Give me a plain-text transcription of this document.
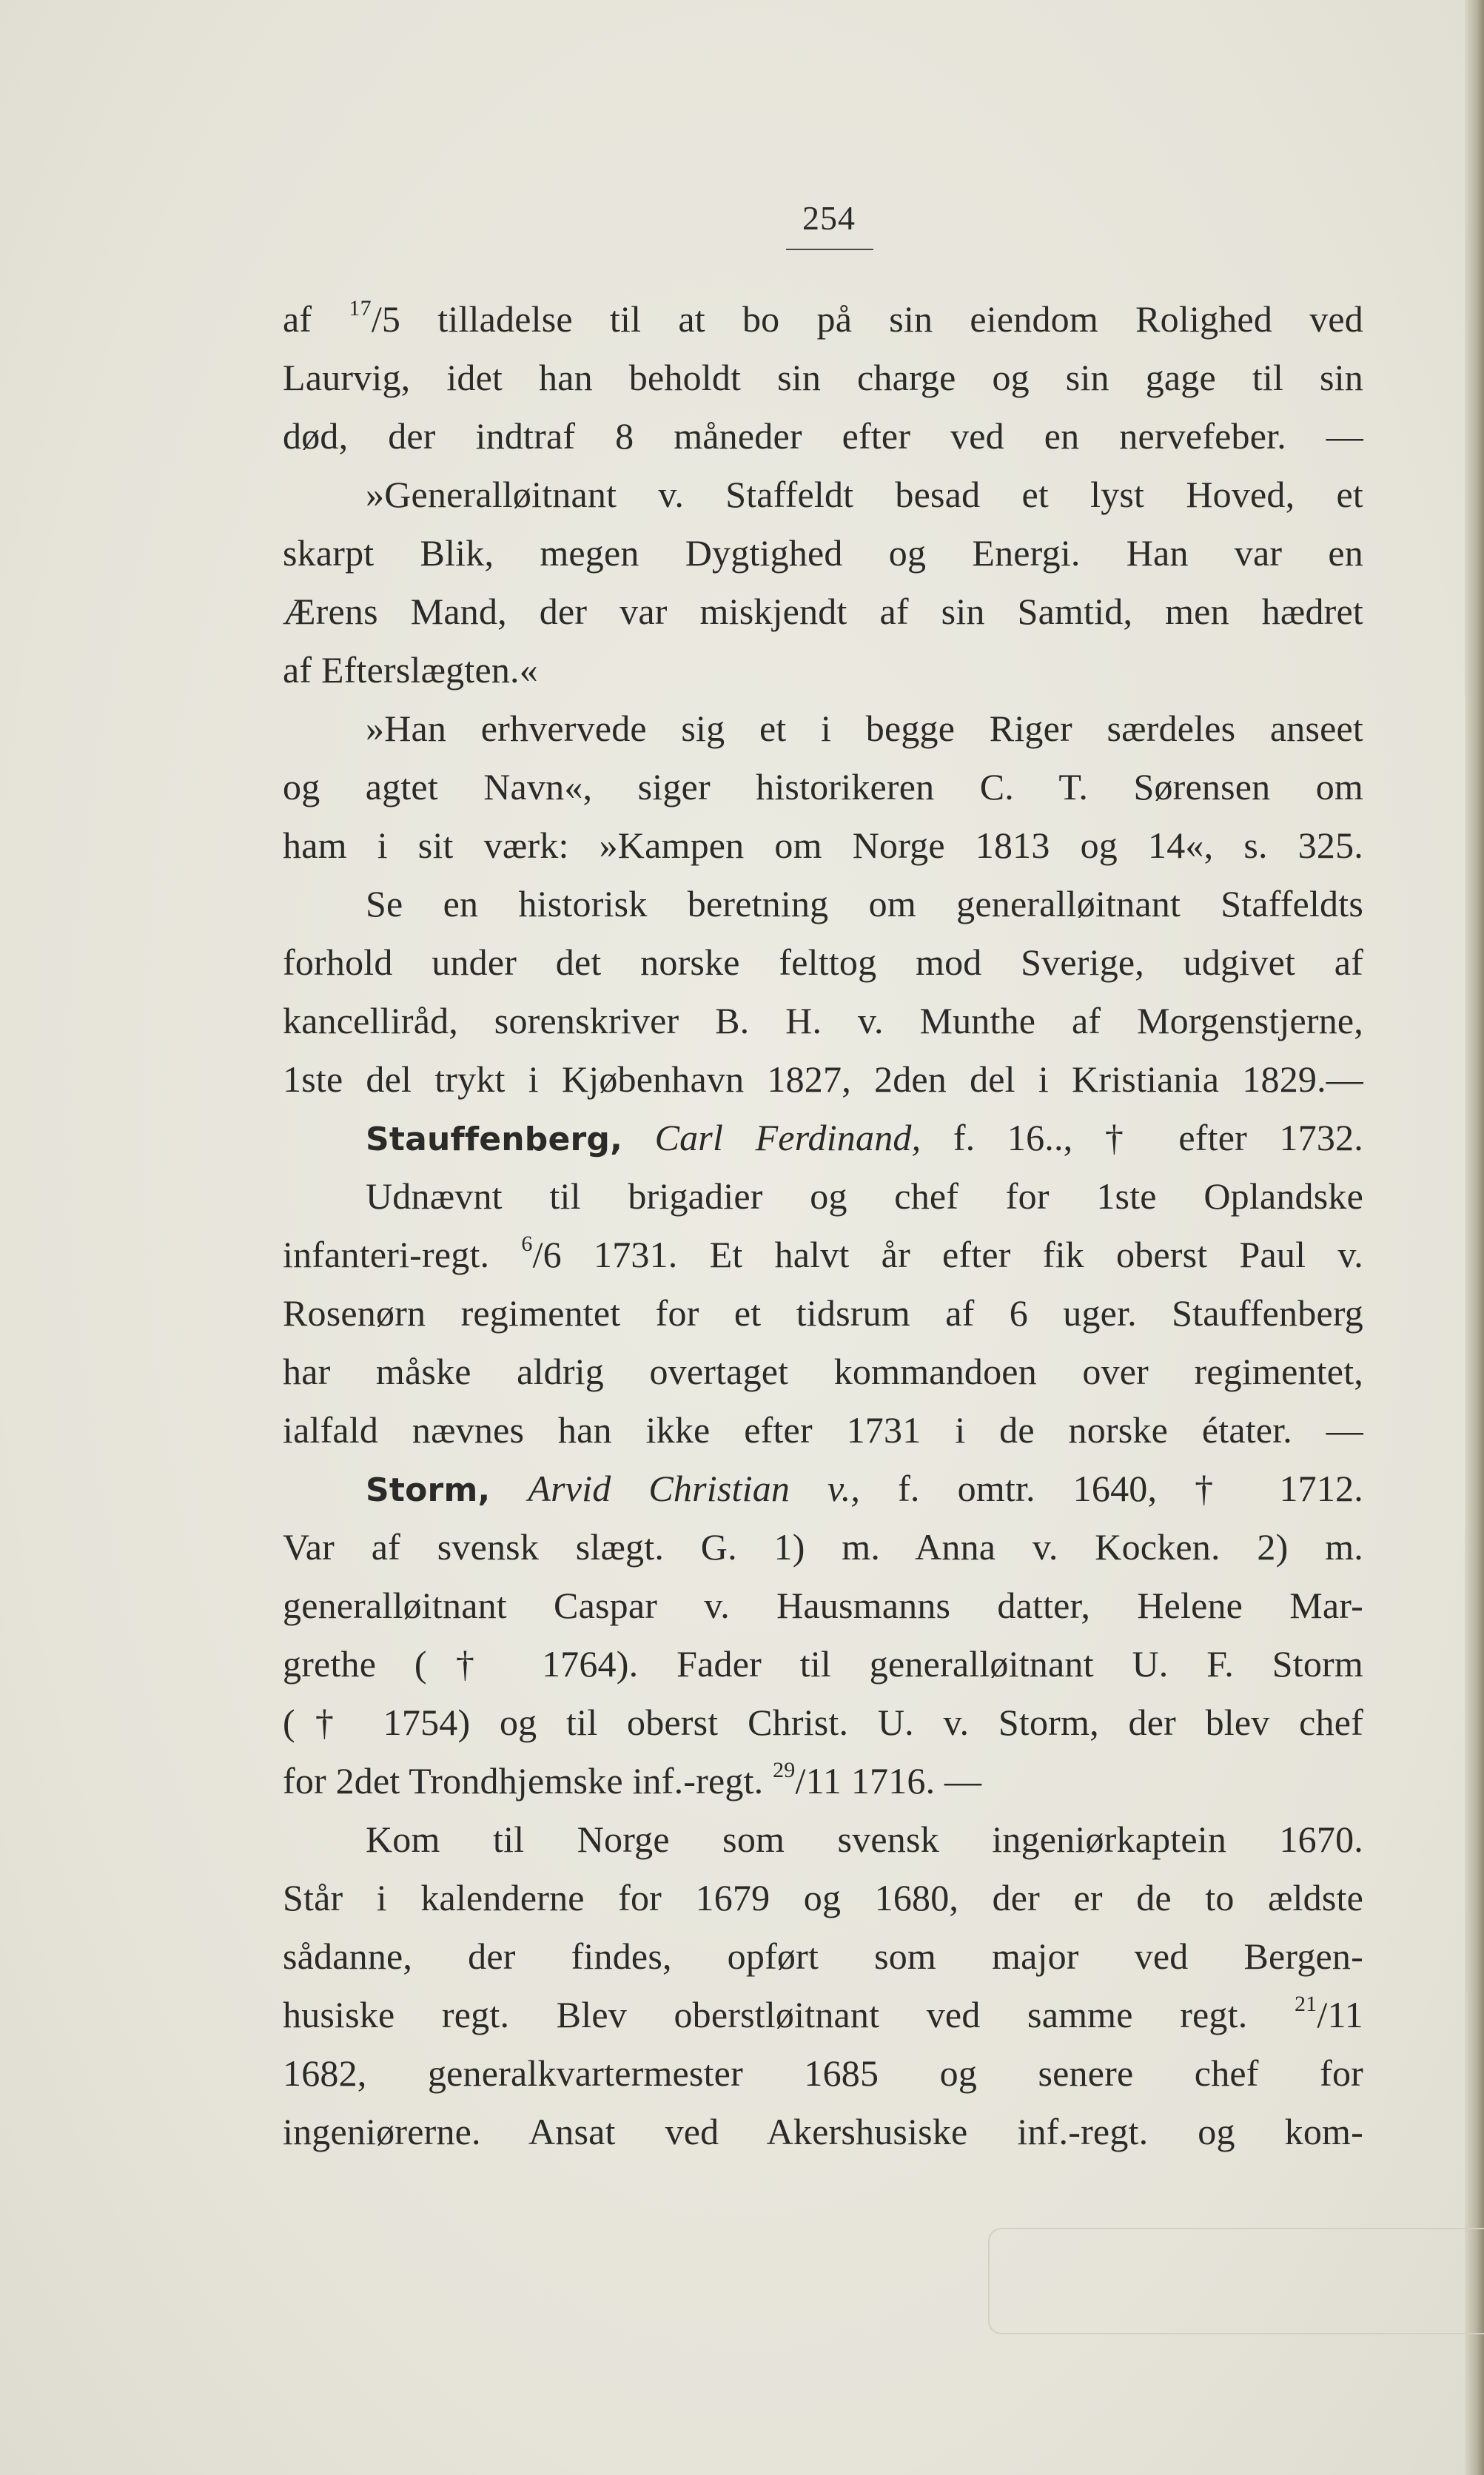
254
af $^{17}$/5 tilladelse til at bo på sin eiendom Rolighed ved
Laurvig, idet han beholdt sin charge og sin gage til sin
død, der indtraf 8 måneder efter ved en nervefeber. —
»Generalløitnant v. Staffeldt besad et lyst Hoved, et
skarpt Blik, megen Dygtighed og Energi. Han var en
Ærens Mand, der var miskjendt af sin Samtid, men hædret
af Efterslægten.«
»Han erhvervede sig et i begge Riger særdeles anseet
og agtet Navn«, siger historikeren C. T. Sørensen om
ham i sit værk: »Kampen om Norge 1813 og 14«, s. 325.
Se en historisk beretning om generalløitnant Staffeldts
forhold under det norske felttog mod Sverige, udgivet af
kancelliråd, sorenskriver B. H. v. Munthe af Morgenstjerne,
1ste del trykt i Kjøbenhavn 1827, 2den del i Kristiania 1829.—
Stauffenberg, Carl Ferdinand, f. 16.., † efter 1732.
Udnævnt til brigadier og chef for 1ste Oplandske
infanteri-regt. $^6$/6 1731. Et halvt år efter fik oberst Paul v.
Rosenørn regimentet for et tidsrum af 6 uger. Stauffenberg
har måske aldrig overtaget kommandoen over regimentet,
ialfald nævnes han ikke efter 1731 i de norske étater. —
Storm, Arvid Christian v., f. omtr. 1640, † 1712.
Var af svensk slægt. G. 1) m. Anna v. Kocken. 2) m.
generalløitnant Caspar v. Hausmanns datter, Helene Mar-
grethe († 1764). Fader til generalløitnant U. F. Storm
(† 1754) og til oberst Christ. U. v. Storm, der blev chef
for 2det Trondhjemske inf.-regt. $^{29}$/11 1716. —
Kom til Norge som svensk ingeniørkaptein 1670.
Står i kalenderne for 1679 og 1680, der er de to ældste
sådanne, der findes, opført som major ved Bergen-
husiske regt. Blev oberstløitnant ved samme regt. $^{21}$/11
1682, generalkvartermester 1685 og senere chef for
ingeniørerne. Ansat ved Akershusiske inf.-regt. og kom-
